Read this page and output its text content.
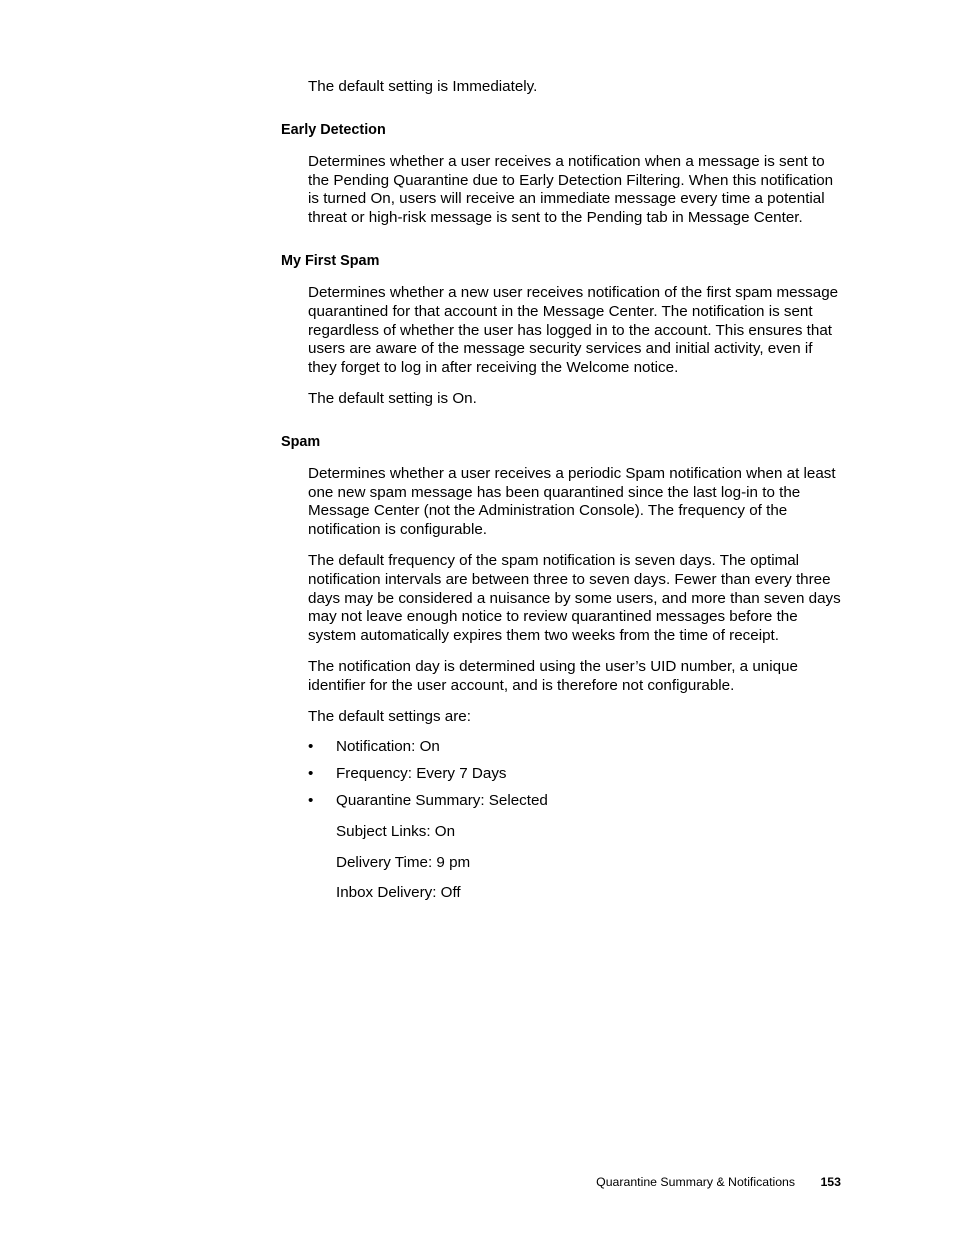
The default setting is Immediately.

Early Detection

Determines whether a user receives a notification when a message is sent to the Pending Quarantine due to Early Detection Filtering. When this notification is turned On, users will receive an immediate message every time a potential threat or high-risk message is sent to the Pending tab in Message Center.

My First Spam

Determines whether a new user receives notification of the first spam message quarantined for that account in the Message Center. The notification is sent regardless of whether the user has logged in to the account. This ensures that users are aware of the message security services and initial activity, even if they forget to log in after receiving the Welcome notice.

The default setting is On.

Spam

Determines whether a user receives a periodic Spam notification when at least one new spam message has been quarantined since the last log-in to the Message Center (not the Administration Console). The frequency of the notification is configurable.

The default frequency of the spam notification is seven days. The optimal notification intervals are between three to seven days. Fewer than every three days may be considered a nuisance by some users, and more than seven days may not leave enough notice to review quarantined messages before the system automatically expires them two weeks from the time of receipt.

The notification day is determined using the user’s UID number, a unique identifier for the user account, and is therefore not configurable.

The default settings are:

• Notification: On
• Frequency: Every 7 Days
• Quarantine Summary: Selected

Subject Links: On

Delivery Time: 9 pm

Inbox Delivery: Off

Quarantine Summary & Notifications 153
